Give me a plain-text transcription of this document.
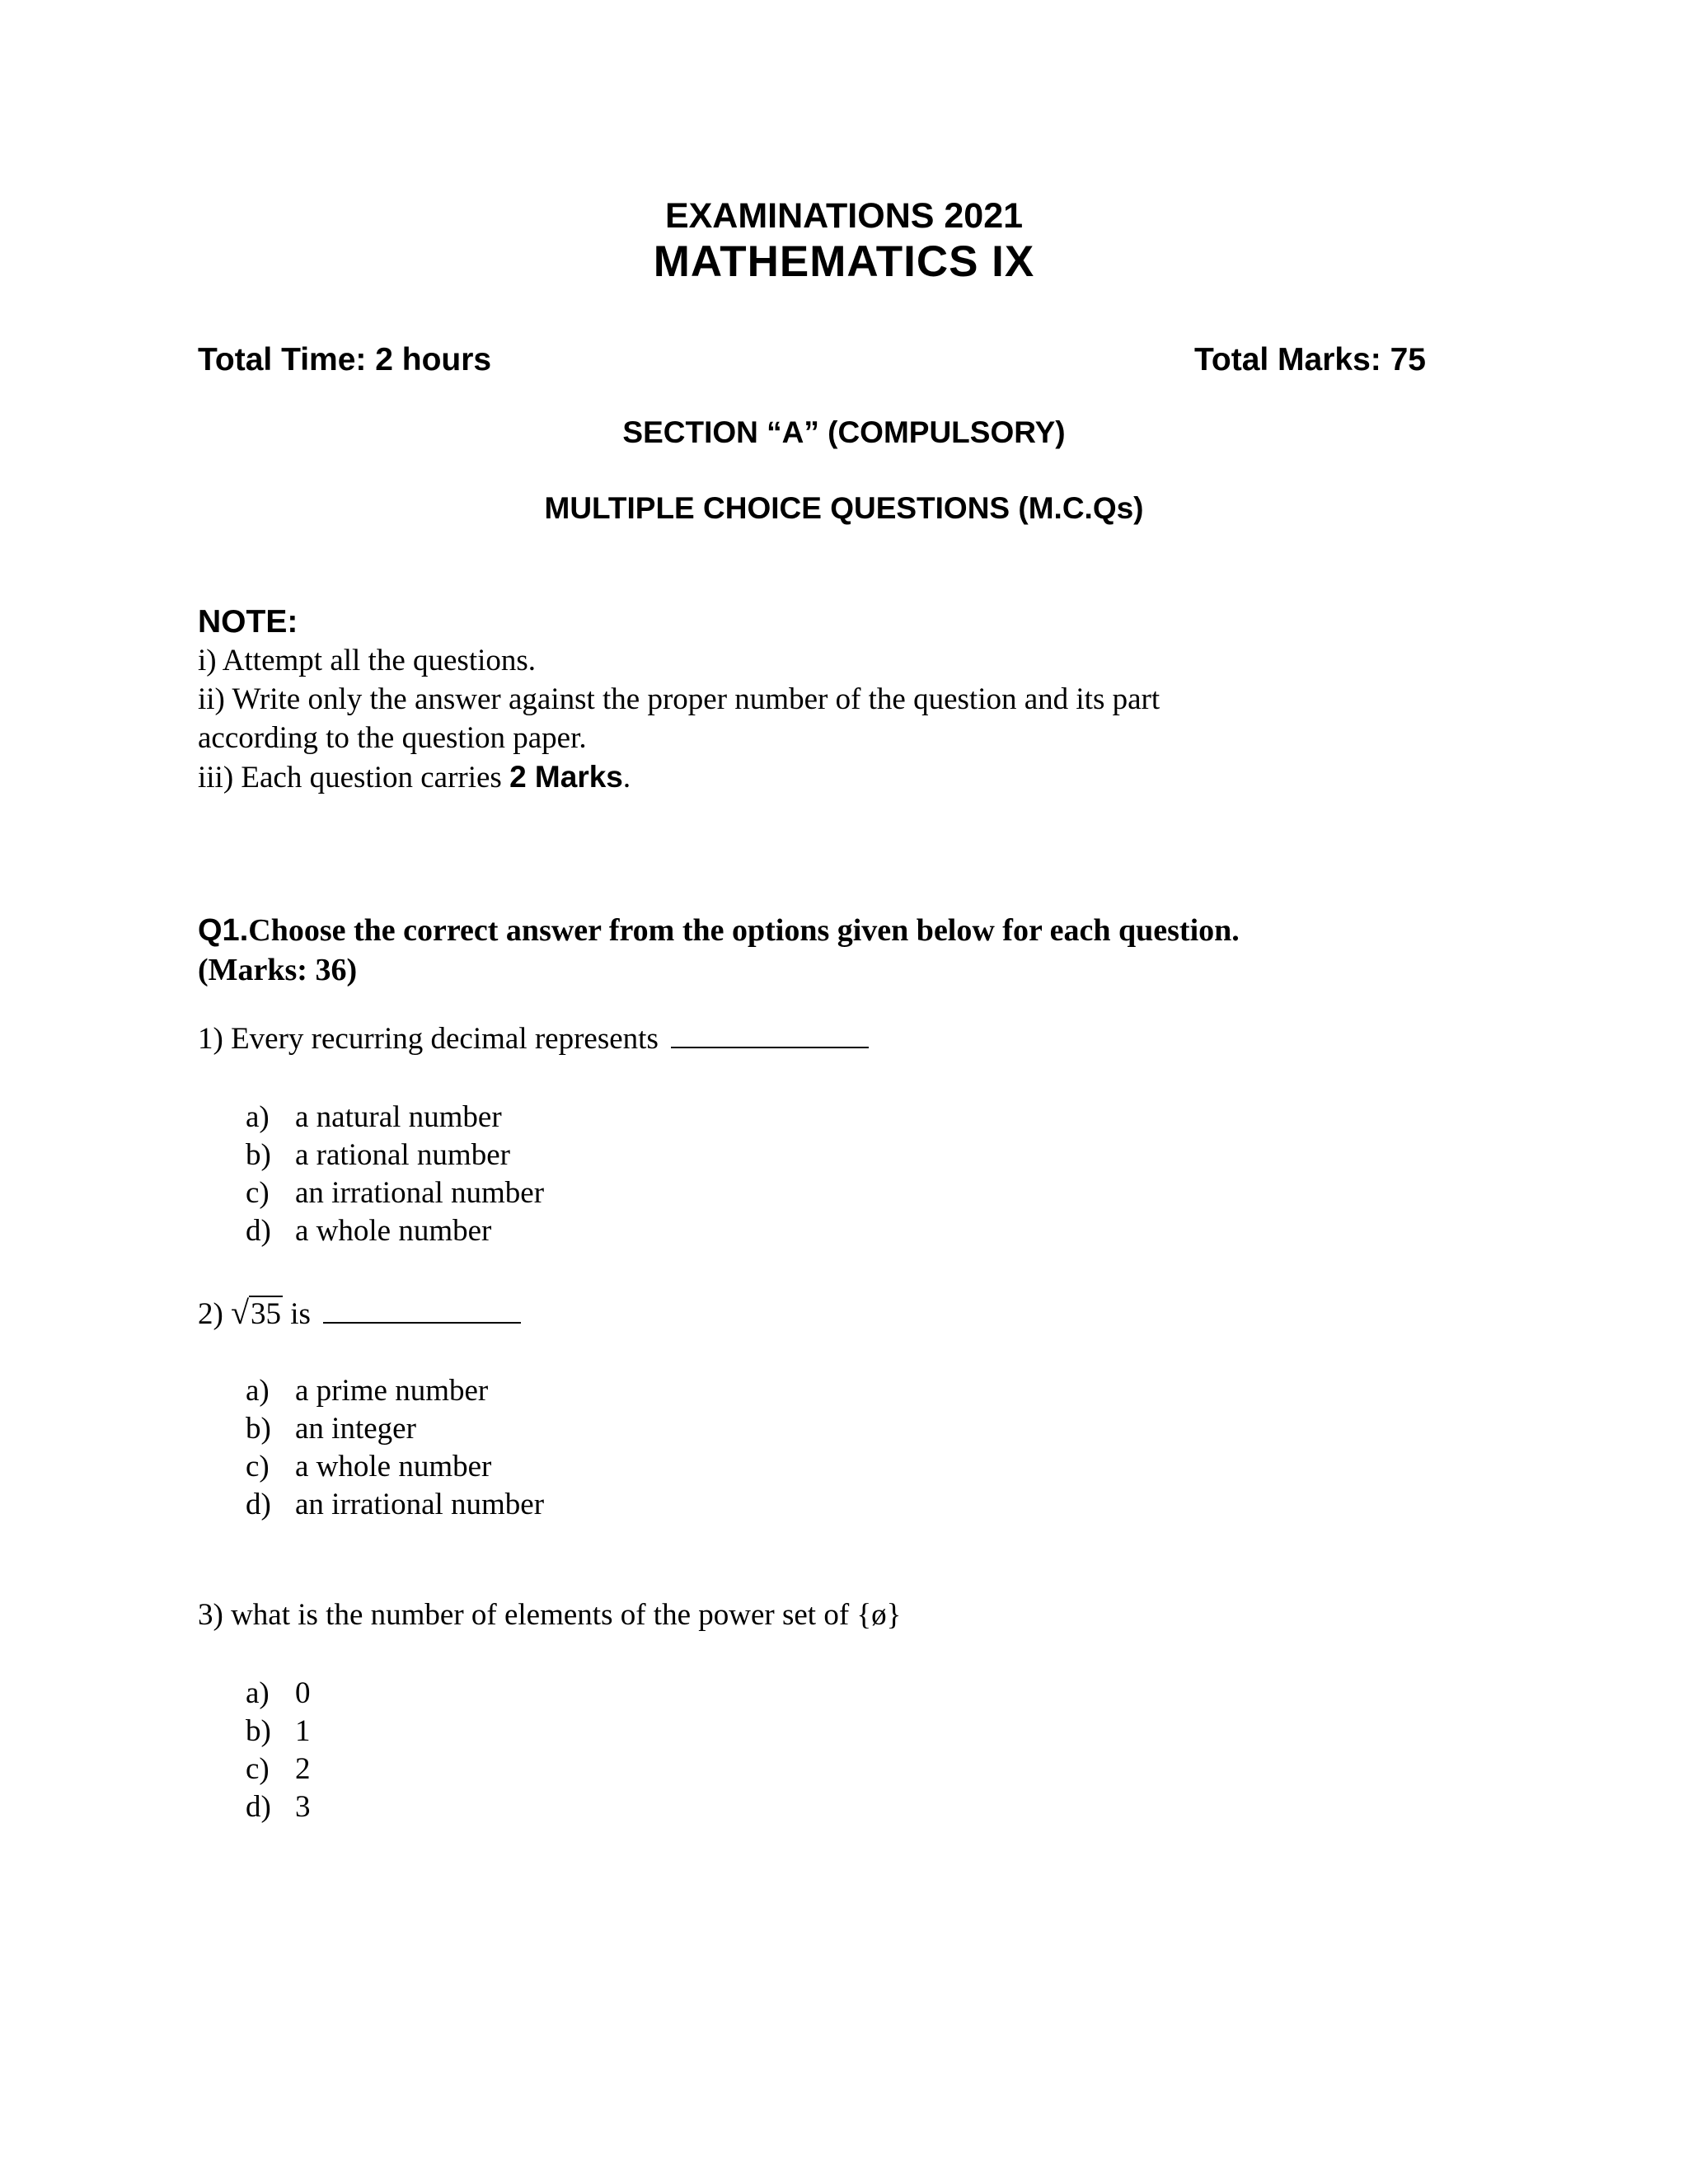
EXAMINATIONS 2021
MATHEMATICS IX
Total Time: 2 hours	Total Marks: 75
SECTION “A” (COMPULSORY)
MULTIPLE CHOICE QUESTIONS (M.C.Qs)
NOTE:
i) Attempt all the questions.
ii) Write only the answer against the proper number of the question and its part
according to the question paper.
iii) Each question carries 2 Marks.
Q1.Choose the correct answer from the options given below for each question.
(Marks: 36)
1) Every recurring decimal represents
a) a natural number
b) a rational number
c) an irrational number
d) a whole number
2) √35 is
a) a prime number
b) an integer
c) a whole number
d) an irrational number
3) what is the number of elements of the power set of {ø}
a) 0
b) 1
c) 2
d) 3
